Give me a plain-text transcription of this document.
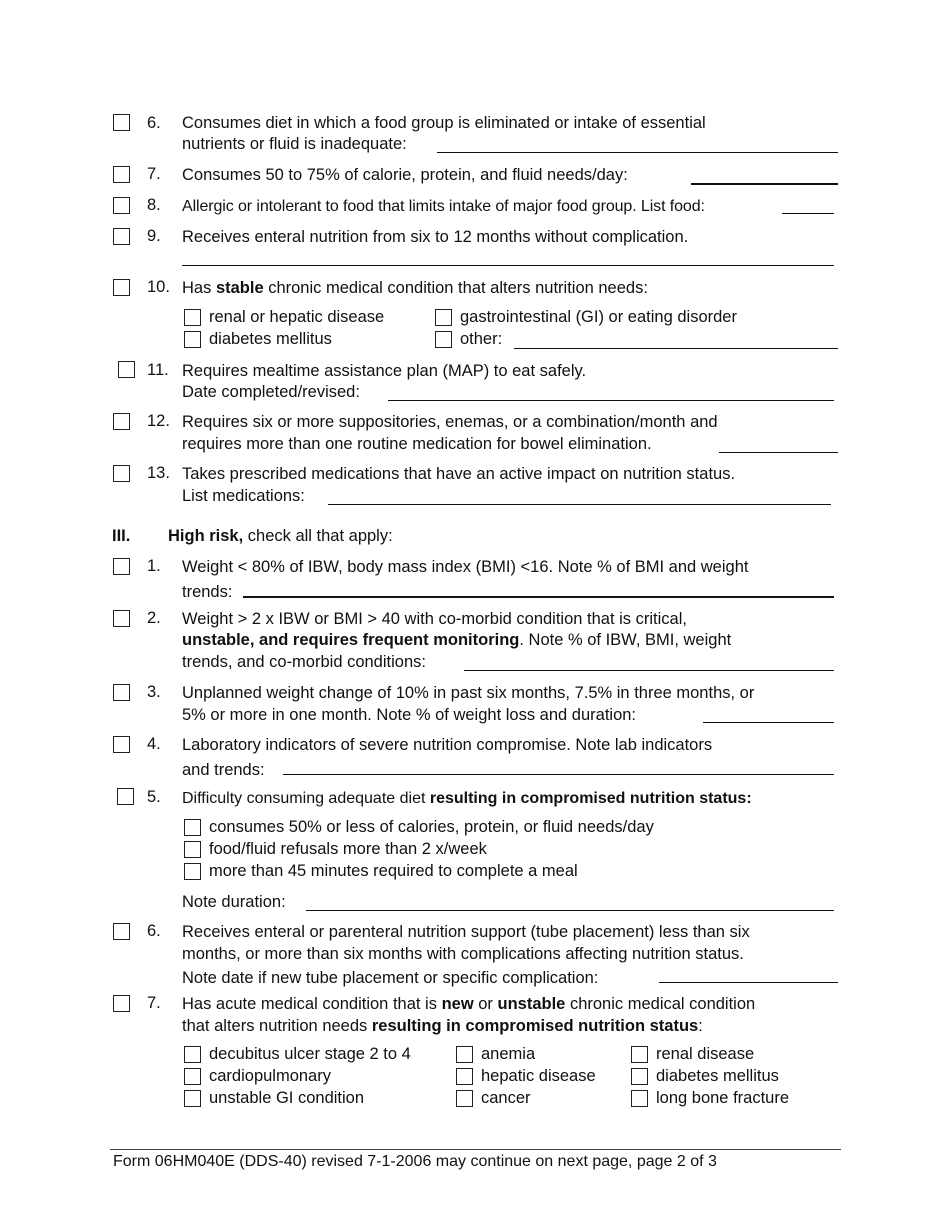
6. Consumes diet in which a food group is eliminated or intake of essential
nutrients or fluid is inadequate:
7. Consumes 50 to 75% of calorie, protein, and fluid needs/day:
8. Allergic or intolerant to food that limits intake of major food group. List food:
9. Receives enteral nutrition from six to 12 months without complication.
10. Has stable chronic medical condition that alters nutrition needs:
renal or hepatic disease	gastrointestinal (GI) or eating disorder
diabetes mellitus	other:
11. Requires mealtime assistance plan (MAP) to eat safely.
Date completed/revised:
12. Requires six or more suppositories, enemas, or a combination/month and
requires more than one routine medication for bowel elimination.
13. Takes prescribed medications that have an active impact on nutrition status.
List medications:
III. High risk, check all that apply:
1. Weight < 80% of IBW, body mass index (BMI) <16. Note % of BMI and weight
trends:
2. Weight > 2 x IBW or BMI > 40 with co-morbid condition that is critical,
unstable, and requires frequent monitoring. Note % of IBW, BMI, weight
trends, and co-morbid conditions:
3. Unplanned weight change of 10% in past six months, 7.5% in three months, or
5% or more in one month. Note % of weight loss and duration:
4. Laboratory indicators of severe nutrition compromise. Note lab indicators
and trends:
5. Difficulty consuming adequate diet resulting in compromised nutrition status:
consumes 50% or less of calories, protein, or fluid needs/day
food/fluid refusals more than 2 x/week
more than 45 minutes required to complete a meal
Note duration:
6. Receives enteral or parenteral nutrition support (tube placement) less than six
months, or more than six months with complications affecting nutrition status.
Note date if new tube placement or specific complication:
7. Has acute medical condition that is new or unstable chronic medical condition
that alters nutrition needs resulting in compromised nutrition status:
decubitus ulcer stage 2 to 4	anemia	renal disease
cardiopulmonary	hepatic disease	diabetes mellitus
unstable GI condition	cancer	long bone fracture
Form 06HM040E (DDS-40) revised 7-1-2006 may continue on next page, page 2 of 3
